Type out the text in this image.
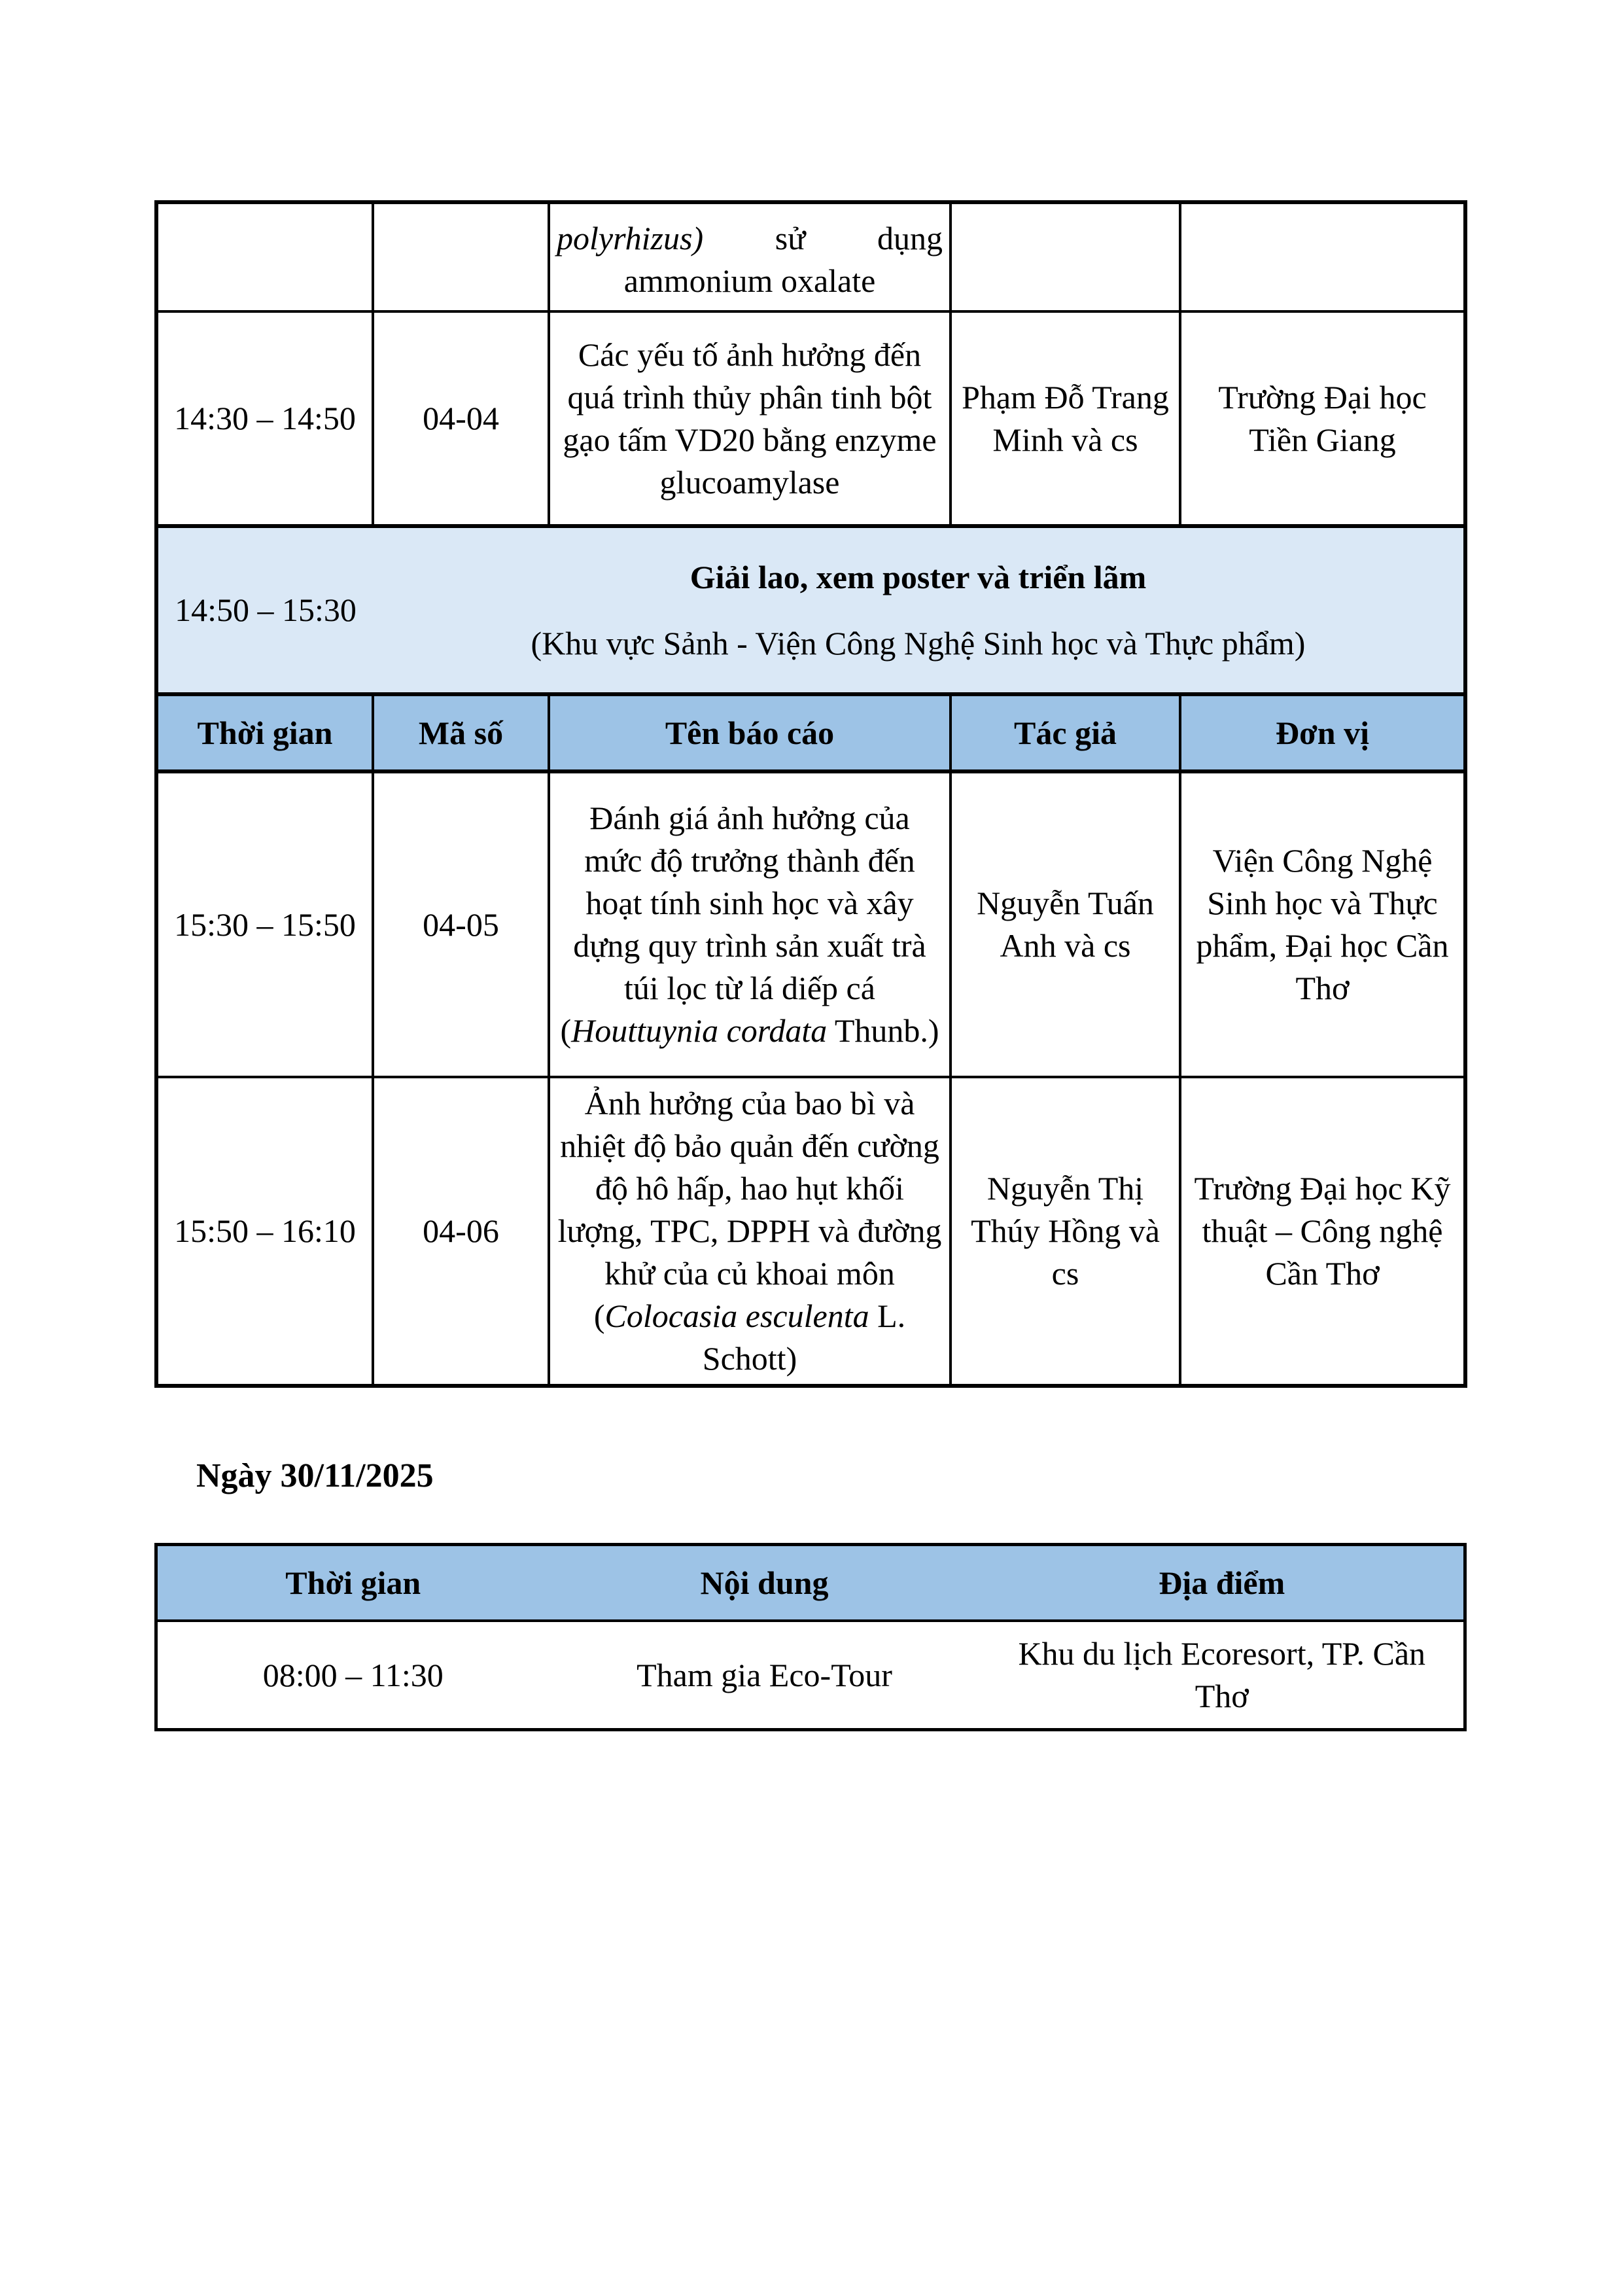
		polyrhizus) sử dụng
ammonium oxalate		

14:30 – 14:50	04-04	Các yếu tố ảnh hưởng đến quá trình thủy phân tinh bột gạo tấm VD20 bằng enzyme glucoamylase	Phạm Đỗ Trang Minh và cs	Trường Đại học Tiền Giang
14:50 – 15:30	Giải lao, xem poster và triển lãm
(Khu vực Sảnh - Viện Công Nghệ Sinh học và Thực phẩm)			

Thời gian	Mã số	Tên báo cáo	Tác giả	Đơn vị
15:30 – 15:50	04-05	Đánh giá ảnh hưởng của mức độ trưởng thành đến hoạt tính sinh học và xây dựng quy trình sản xuất trà túi lọc từ lá diếp cá (Houttuynia cordata Thunb.)	Nguyễn Tuấn Anh và cs	Viện Công Nghệ Sinh học và Thực phẩm, Đại học Cần Thơ
15:50 – 16:10	04-06	Ảnh hưởng của bao bì và nhiệt độ bảo quản đến cường độ hô hấp, hao hụt khối lượng, TPC, DPPH và đường khử của củ khoai môn (Colocasia esculenta L. Schott)	Nguyễn Thị Thúy Hồng và cs	Trường Đại học Kỹ thuật – Công nghệ Cần Thơ
Ngày 30/11/2025
Thời gian	Nội dung	Địa điểm
08:00 – 11:30	Tham gia Eco-Tour	Khu du lịch Ecoresort, TP. Cần Thơ
